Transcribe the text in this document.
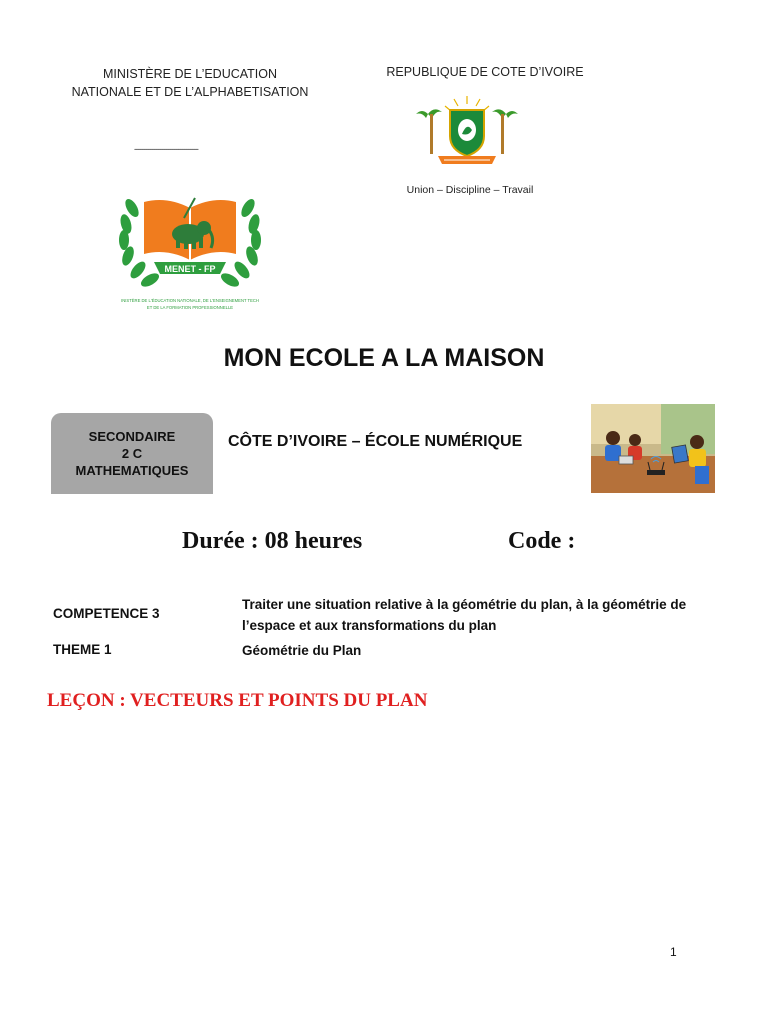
MINISTÈRE DE L’EDUCATION
NATIONALE ET DE L’ALPHABETISATION
--------------------------------
REPUBLIQUE DE COTE D’IVOIRE
Union – Discipline – Travail
MENET - FP
INISTÈRE DE L'ÉDUCATION NATIONALE, DE L'ENSEIGNEMENT TECH
ET DE LA FORMATION PROFESSIONNELLE
MON ECOLE A LA MAISON
SECONDAIRE
2 C
MATHEMATIQUES
CÔTE D’IVOIRE – ÉCOLE NUMÉRIQUE
Durée : 08 heures	Code :
COMPETENCE 3
Traiter une situation relative à la géométrie du plan, à la géométrie de
l’espace et aux transformations du plan
THEME 1	Géométrie du Plan
LEÇON : VECTEURS ET POINTS DU PLAN
1
